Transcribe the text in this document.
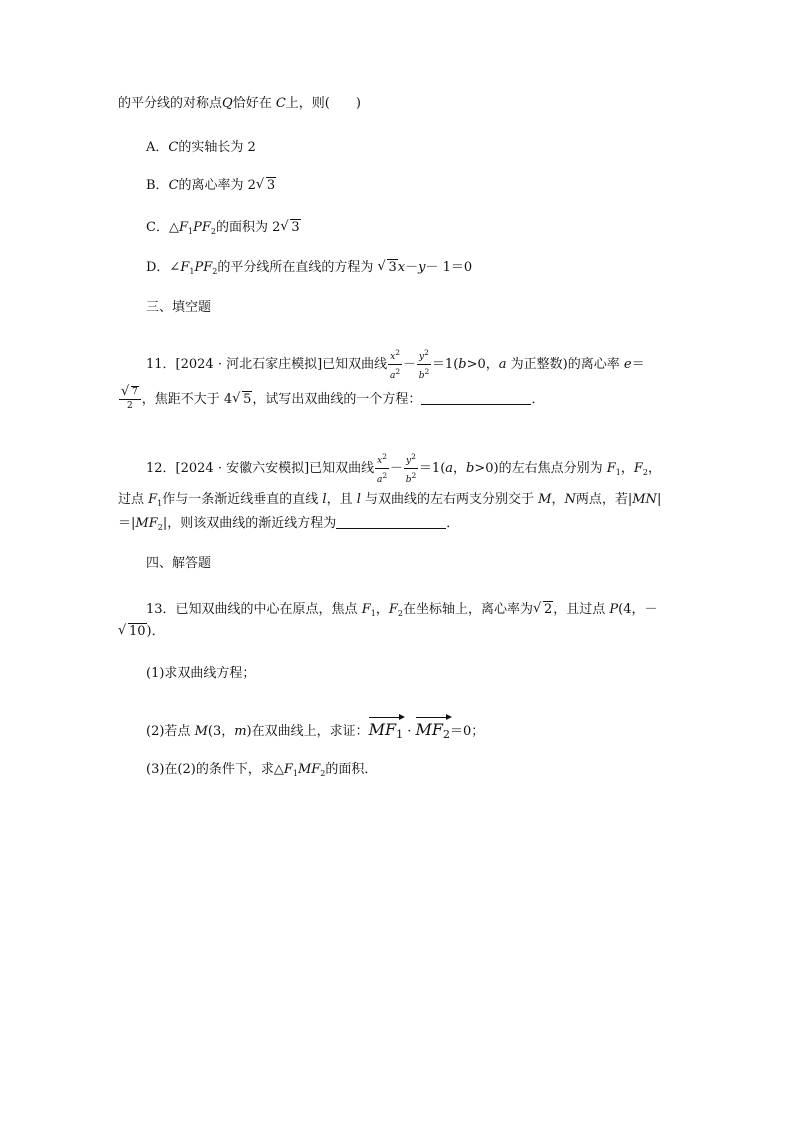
的平分线的对称点Q恰好在 C上，则(　　)
A．C的实轴长为 2
B．C的离心率为 2 √ 3
C．$\triangle F_1PF_2$的面积为 2 √ 3
D．$\angle F_1PF_2$的平分线所在直线的方程为 √ 3x－y－ 1＝0
三、填空题
11．[2024 · 河北石家庄模拟]已知双曲线 $\frac{x^2}{a^2} - \frac{y^2}{b^2} =1(b>0$，a 为正整数)的离心率 e＝
√ $\frac{7}{2}$ ，焦距不大于 4 √ 5，试写出双曲线的一个方程：	．
12．[2024 · 安徽六安模拟]已知双曲线 $\frac{x^2}{a^2} - \frac{y^2}{b^2} =1(a$，b>0)的左右焦点分别为 $F_1$，$F_2$，
过点 $F_1$作与一条渐近线垂直的直线 l，且 l 与双曲线的左右两支分别交于 M，N两点，若|MN|
$=|MF_2|$，则该双曲线的渐近线方程为	．
四、解答题
13．已知双曲线的中心在原点，焦点 $F_1$，$F_2$在坐标轴上，离心率为 √ 2，且过点 P(4，－
√ 10)．
(1)求双曲线方程；
(2)若点 M(3，m)在双曲线上，求证：MF1 · MF2＝0；
(3)在(2)的条件下，求$\triangle F_1MF_2$的面积．
